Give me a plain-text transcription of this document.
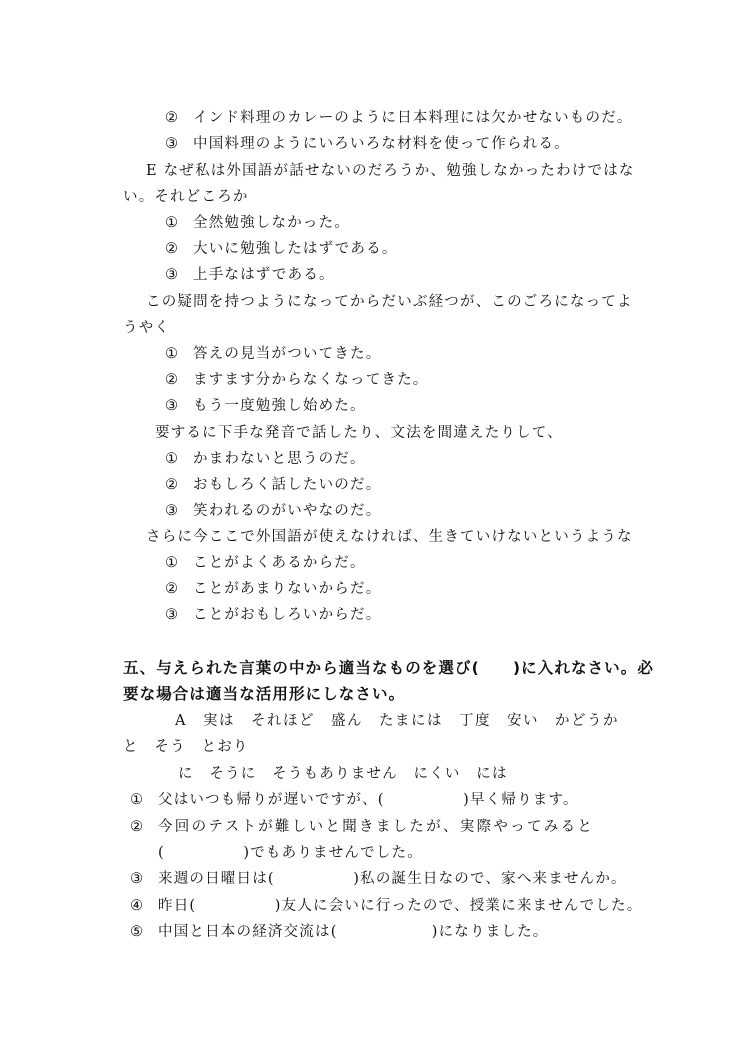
② インド料理のカレーのように日本料理には欠かせないものだ。
③ 中国料理のようにいろいろな材料を使って作られる。
E なぜ私は外国語が話せないのだろうか、勉強しなかったわけではな
い。それどころか
① 全然勉強しなかった。
② 大いに勉強したはずである。
③ 上手なはずである。
この疑問を持つようになってからだいぶ経つが、このごろになってよ
うやく
① 答えの見当がついてきた。
② ますます分からなくなってきた。
③ もう一度勉強し始めた。
要するに下手な発音で話したり、文法を間違えたりして、
① かまわないと思うのだ。
② おもしろく話したいのだ。
③ 笑われるのがいやなのだ。
さらに今ここで外国語が使えなければ、生きていけないというような
① ことがよくあるからだ。
② ことがあまりないからだ。
③ ことがおもしろいからだ。
五、与えられた言葉の中から適当なものを選び(　　)に入れなさい。必
要な場合は適当な活用形にしなさい。
A　実は　それほど　盛ん　たまには　丁度　安い　かどうか
と　そう　とおり
に　そうに　そうもありません　にくい　には
① 父はいつも帰りが遅いですが、(　　　　　)早く帰ります。
② 今回のテストが難しいと聞きましたが、実際やってみると
(　　　　　)でもありませんでした。
③ 来週の日曜日は(　　　　　)私の誕生日なので、家へ来ませんか。
④ 昨日(　　　　　)友人に会いに行ったので、授業に来ませんでした。
⑤ 中国と日本の経済交流は(　　　　　　)になりました。
